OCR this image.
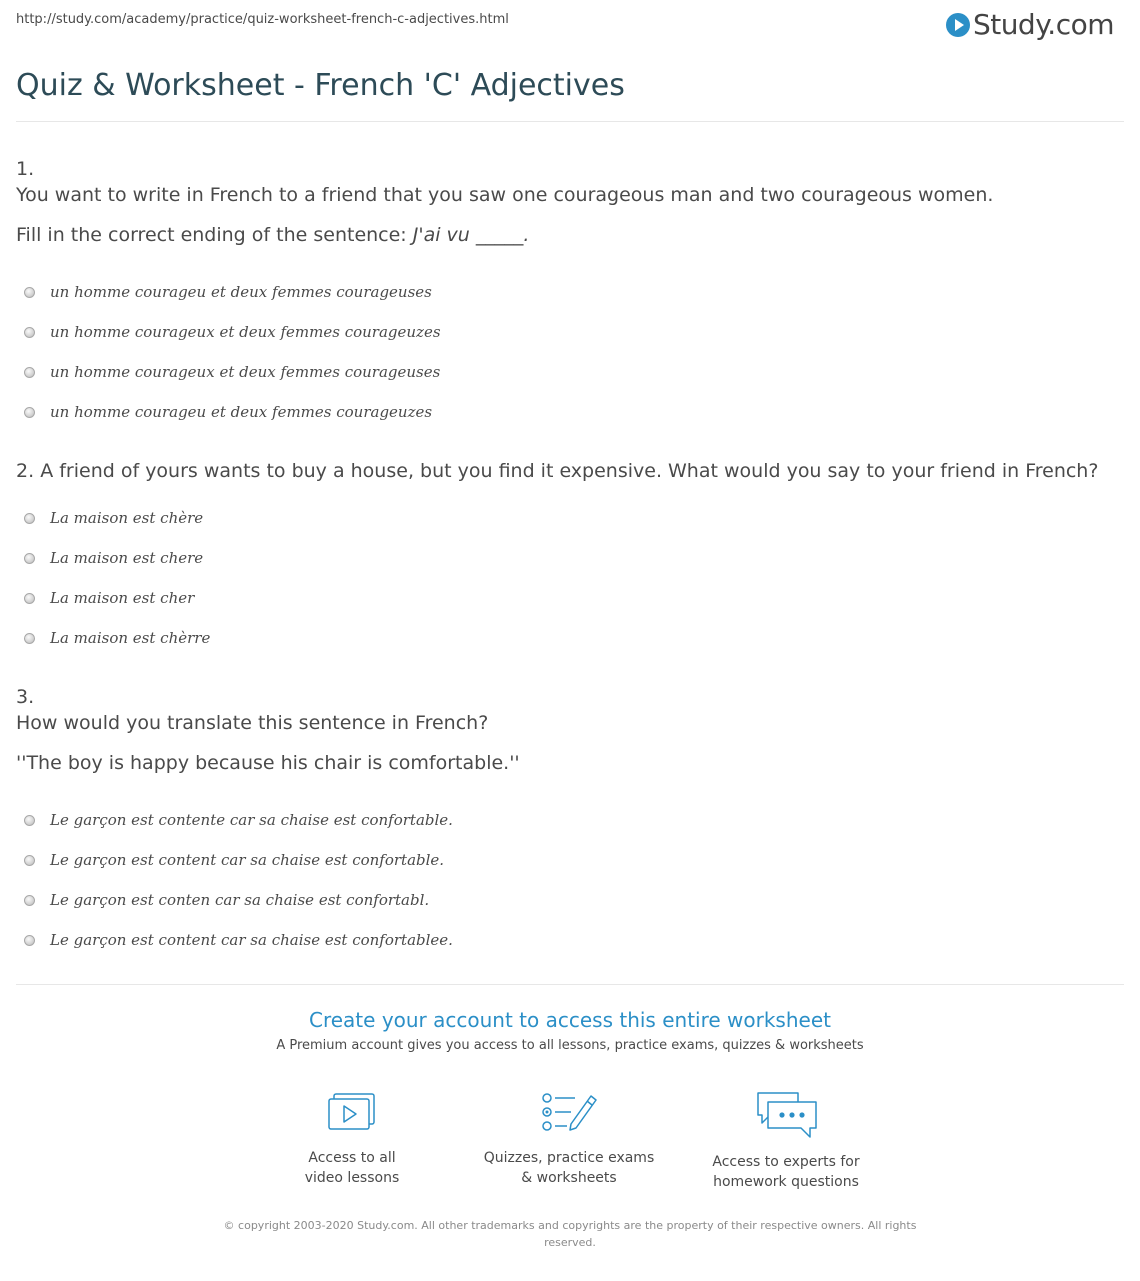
http://study.com/academy/practice/quiz-worksheet-french-c-adjectives.html	Study.com
Quiz & Worksheet - French 'C' Adjectives
1.
You want to write in French to a friend that you saw one courageous man and two courageous women.
Fill in the correct ending of the sentence: J'ai vu _____.
un homme courageu et deux femmes courageuses
un homme courageux et deux femmes courageuzes
un homme courageux et deux femmes courageuses
un homme courageu et deux femmes courageuzes
2. A friend of yours wants to buy a house, but you find it expensive. What would you say to your friend in French?
La maison est chère
La maison est chere
La maison est cher
La maison est chèrre
3.
How would you translate this sentence in French?
''The boy is happy because his chair is comfortable.''
Le garçon est contente car sa chaise est confortable.
Le garçon est content car sa chaise est confortable.
Le garçon est conten car sa chaise est confortabl.
Le garçon est content car sa chaise est confortablee.
Create your account to access this entire worksheet
A Premium account gives you access to all lessons, practice exams, quizzes & worksheets
Access to all
video lessons
Quizzes, practice exams
& worksheets
Access to experts for
homework questions
© copyright 2003-2020 Study.com. All other trademarks and copyrights are the property of their respective owners. All rights reserved.
